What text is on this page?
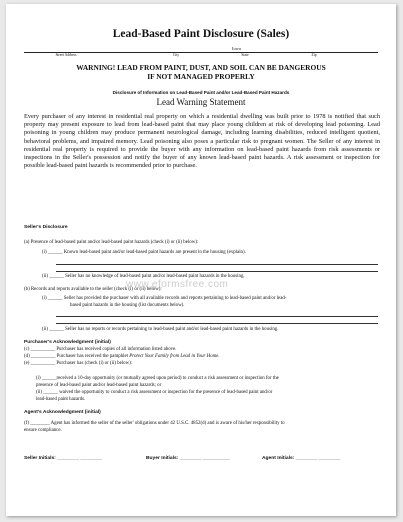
Lead-Based Paint Disclosure (Sales)
Iowa
Street Address	City	State	Zip
WARNING! LEAD FROM PAINT, DUST, AND SOIL CAN BE DANGEROUS
IF NOT MANAGED PROPERLY
Disclosure of Information on Lead-Based Paint and/or Lead-Based Paint Hazards
Lead Warning Statement
Every purchaser of any interest in residential real property on which a residential dwelling was built prior to 1978 is notified that such property may present exposure to lead from lead-based paint that may place young children at risk of developing lead poisoning. Lead poisoning in young children may produce permanent neurological damage, including learning disabilities, reduced intelligent quotient, behavioral problems, and impaired memory. Lead poisoning also poses a particular risk to pregnant women. The Seller of any interest in residential real property is required to provide the buyer with any information on lead-based paint hazards from risk assessments or inspections in the Seller's possession and notify the buyer of any known lead-based paint hazards. A risk assessment or inspection for possible lead-based paint hazards is recommended prior to purchase.
Seller's Disclosure
(a) Presence of lead-based paint and/or lead-based paint hazards (check (i) or (ii) below):
(i) ______ Known lead-based paint and/or lead-based paint hazards are present in the housing (explain).
(ii) ______ Seller has no knowledge of lead-based paint and/or lead-based paint hazards in the housing.
(b) Records and reports available to the seller (check (i) or (ii) below):
(i) ______ Seller has provided the purchaser with all available records and reports pertaining to lead-based paint and/or lead-
based paint hazards in the housing (list documents below).
(ii) ______ Seller has no reports or records pertaining to lead-based paint and/or lead-based paint hazards in the housing.
www.eformsfree.com
Purchaser's Acknowledgment (initial)
(c) __________ Purchaser has received copies of all information listed above.
(d) __________ Purchaser has received the pamphlet Protect Your Family from Lead in Your Home.
(e) __________ Purchaser has (check (i) or (ii) below):
(i) ______received a 10-day opportunity (or mutually agreed upon period) to conduct a risk assessment or inspection for the
presence of lead-based paint and/or lead-based paint hazards; or
(ii) ______ waived the opportunity to conduct a risk assessment or inspection for the presence of lead-based paint and/or
lead-based paint hazards.
Agent's Acknowledgment (initial)
(f) ________ Agent has informed the seller of the seller' obligations under 42 U.S.C. 4852(d) and is aware of his/her responsibility to
ensure compliance.
Seller Initials: ________ ________	Buyer Initials: ________ __________	Agent Initials: ________ ________
